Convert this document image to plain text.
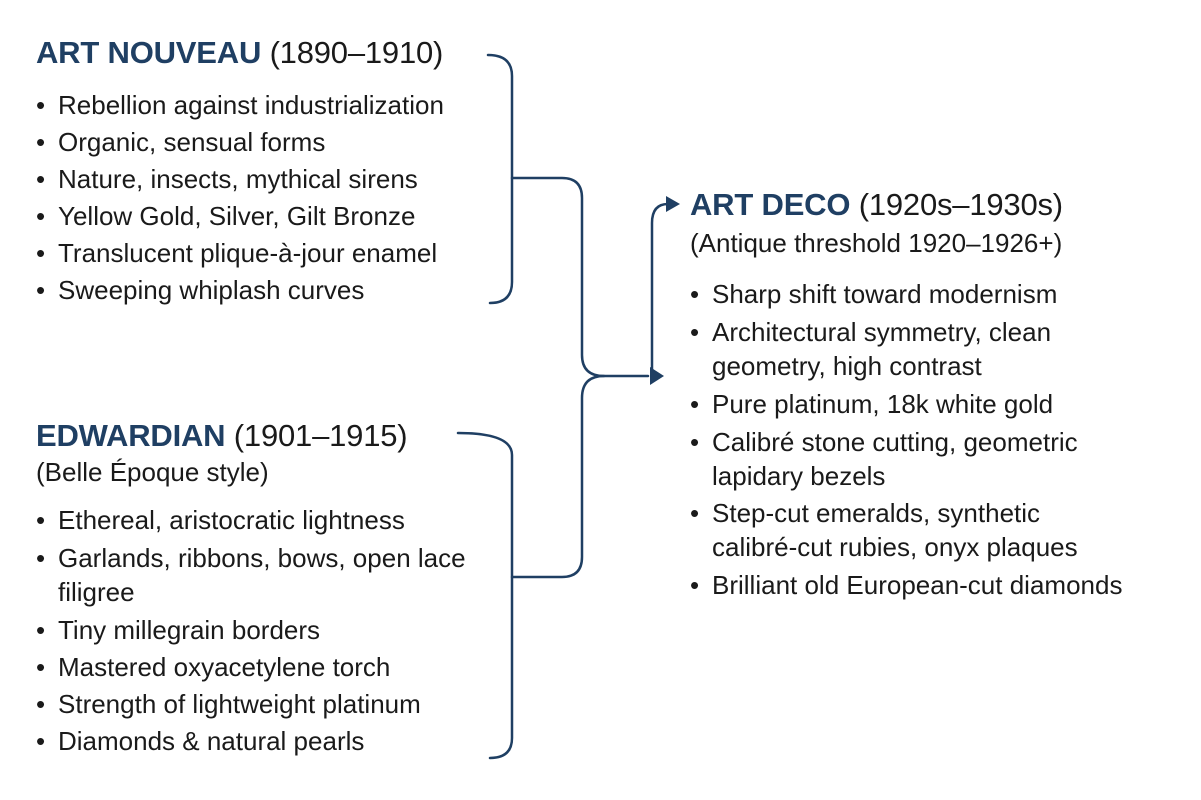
ART NOUVEAU (1890–1910)
• Rebellion against industrialization
• Organic, sensual forms
• Nature, insects, mythical sirens
• Yellow Gold, Silver, Gilt Bronze
• Translucent plique-à-jour enamel
• Sweeping whiplash curves
EDWARDIAN (1901–1915)
(Belle Époque style)
• Ethereal, aristocratic lightness
• Garlands, ribbons, bows, open lace filigree
• Tiny millegrain borders
• Mastered oxyacetylene torch
• Strength of lightweight platinum
• Diamonds & natural pearls
ART DECO (1920s–1930s)
(Antique threshold 1920–1926+)
• Sharp shift toward modernism
• Architectural symmetry, clean geometry, high contrast
• Pure platinum, 18k white gold
• Calibré stone cutting, geometric lapidary bezels
• Step-cut emeralds, synthetic calibré-cut rubies, onyx plaques
• Brilliant old European-cut diamonds
